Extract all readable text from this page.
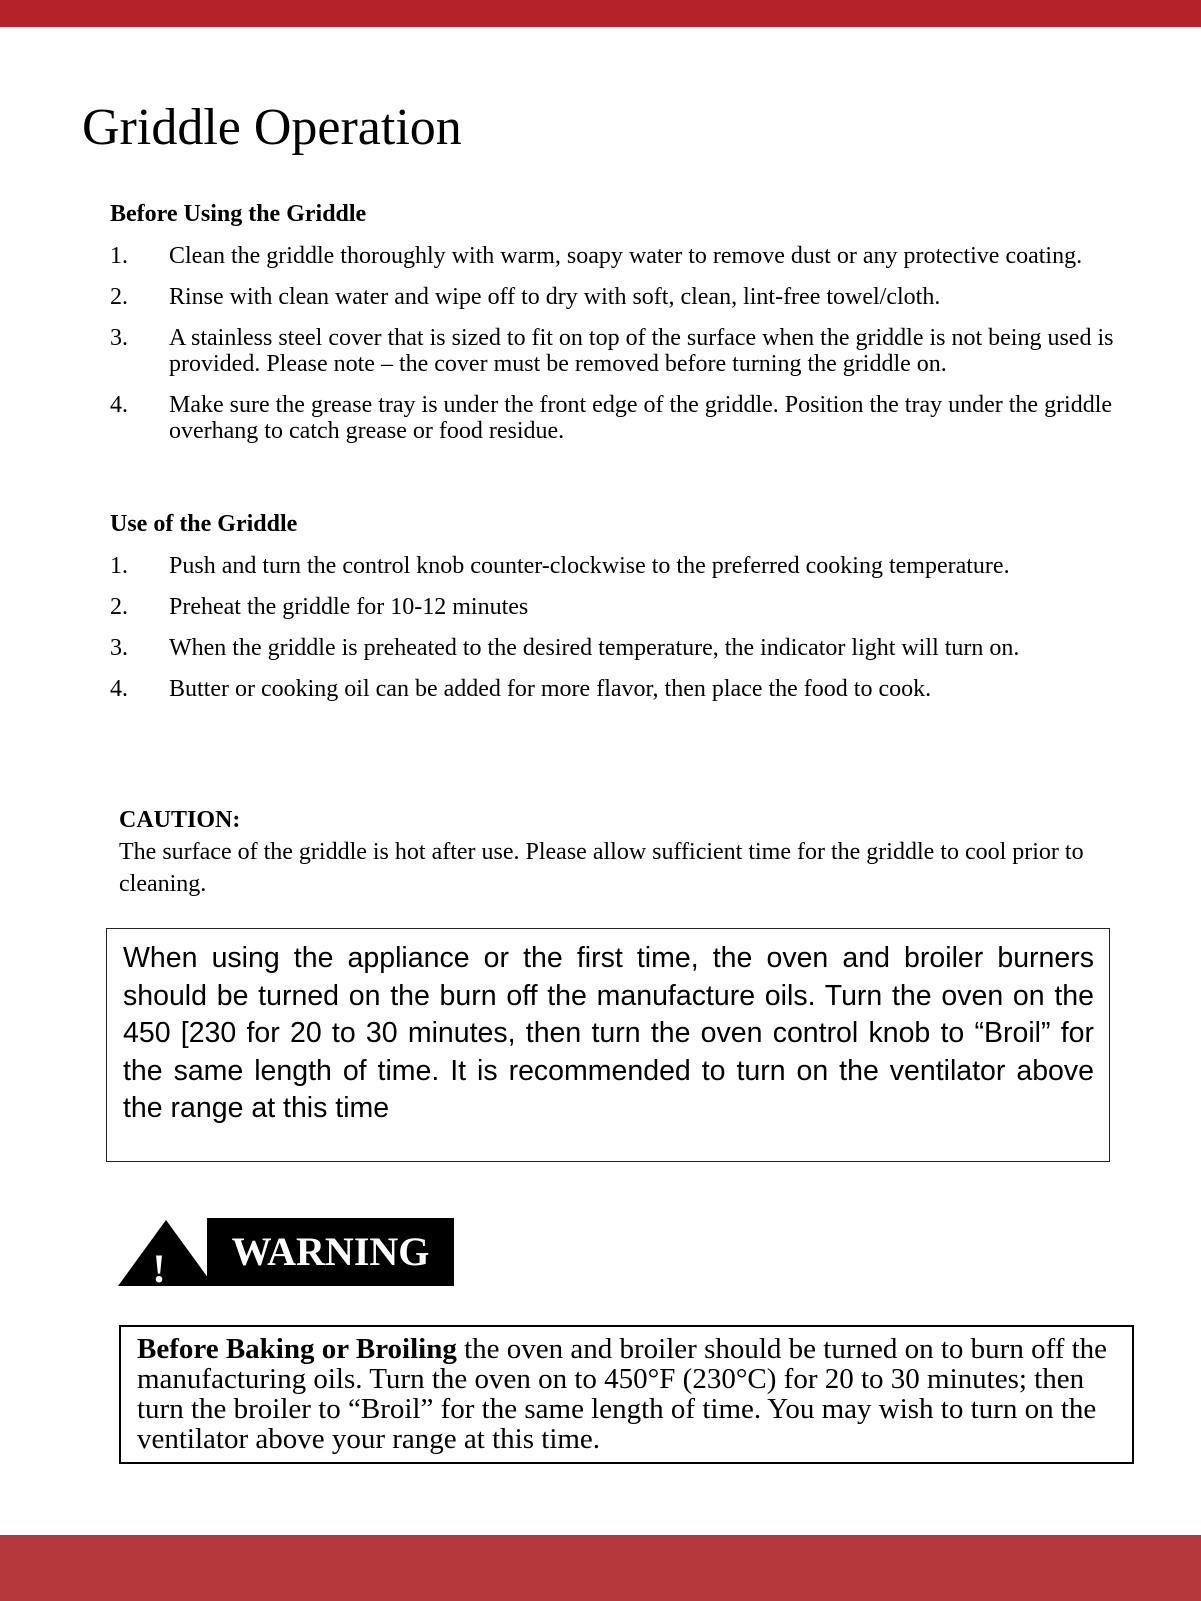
Griddle Operation
Before Using the Griddle
1. Clean the griddle thoroughly with warm, soapy water to remove dust or any protective coating.
2. Rinse with clean water and wipe off to dry with soft, clean, lint-free towel/cloth.
3. A stainless steel cover that is sized to fit on top of the surface when the griddle is not being used is provided. Please note – the cover must be removed before turning the griddle on.
4. Make sure the grease tray is under the front edge of the griddle. Position the tray under the griddle overhang to catch grease or food residue.
Use of the Griddle
1. Push and turn the control knob counter-clockwise to the preferred cooking temperature.
2. Preheat the griddle for 10-12 minutes
3. When the griddle is preheated to the desired temperature, the indicator light will turn on.
4. Butter or cooking oil can be added for more flavor, then place the food to cook.
CAUTION:
The surface of the griddle is hot after use. Please allow sufficient time for the griddle to cool prior to cleaning.
When using the appliance or the first time, the oven and broiler burners should be turned on the burn off the manufacture oils. Turn the oven on the 450 [230 for 20 to 30 minutes, then turn the oven control knob to “Broil” for the same length of time. It is recommended to turn on the ventilator above the range at this time
!	WARNING
Before Baking or Broiling the oven and broiler should be turned on to burn off the manufacturing oils. Turn the oven on to 450°F (230°C) for 20 to 30 minutes; then turn the broiler to “Broil” for the same length of time. You may wish to turn on the ventilator above your range at this time.
